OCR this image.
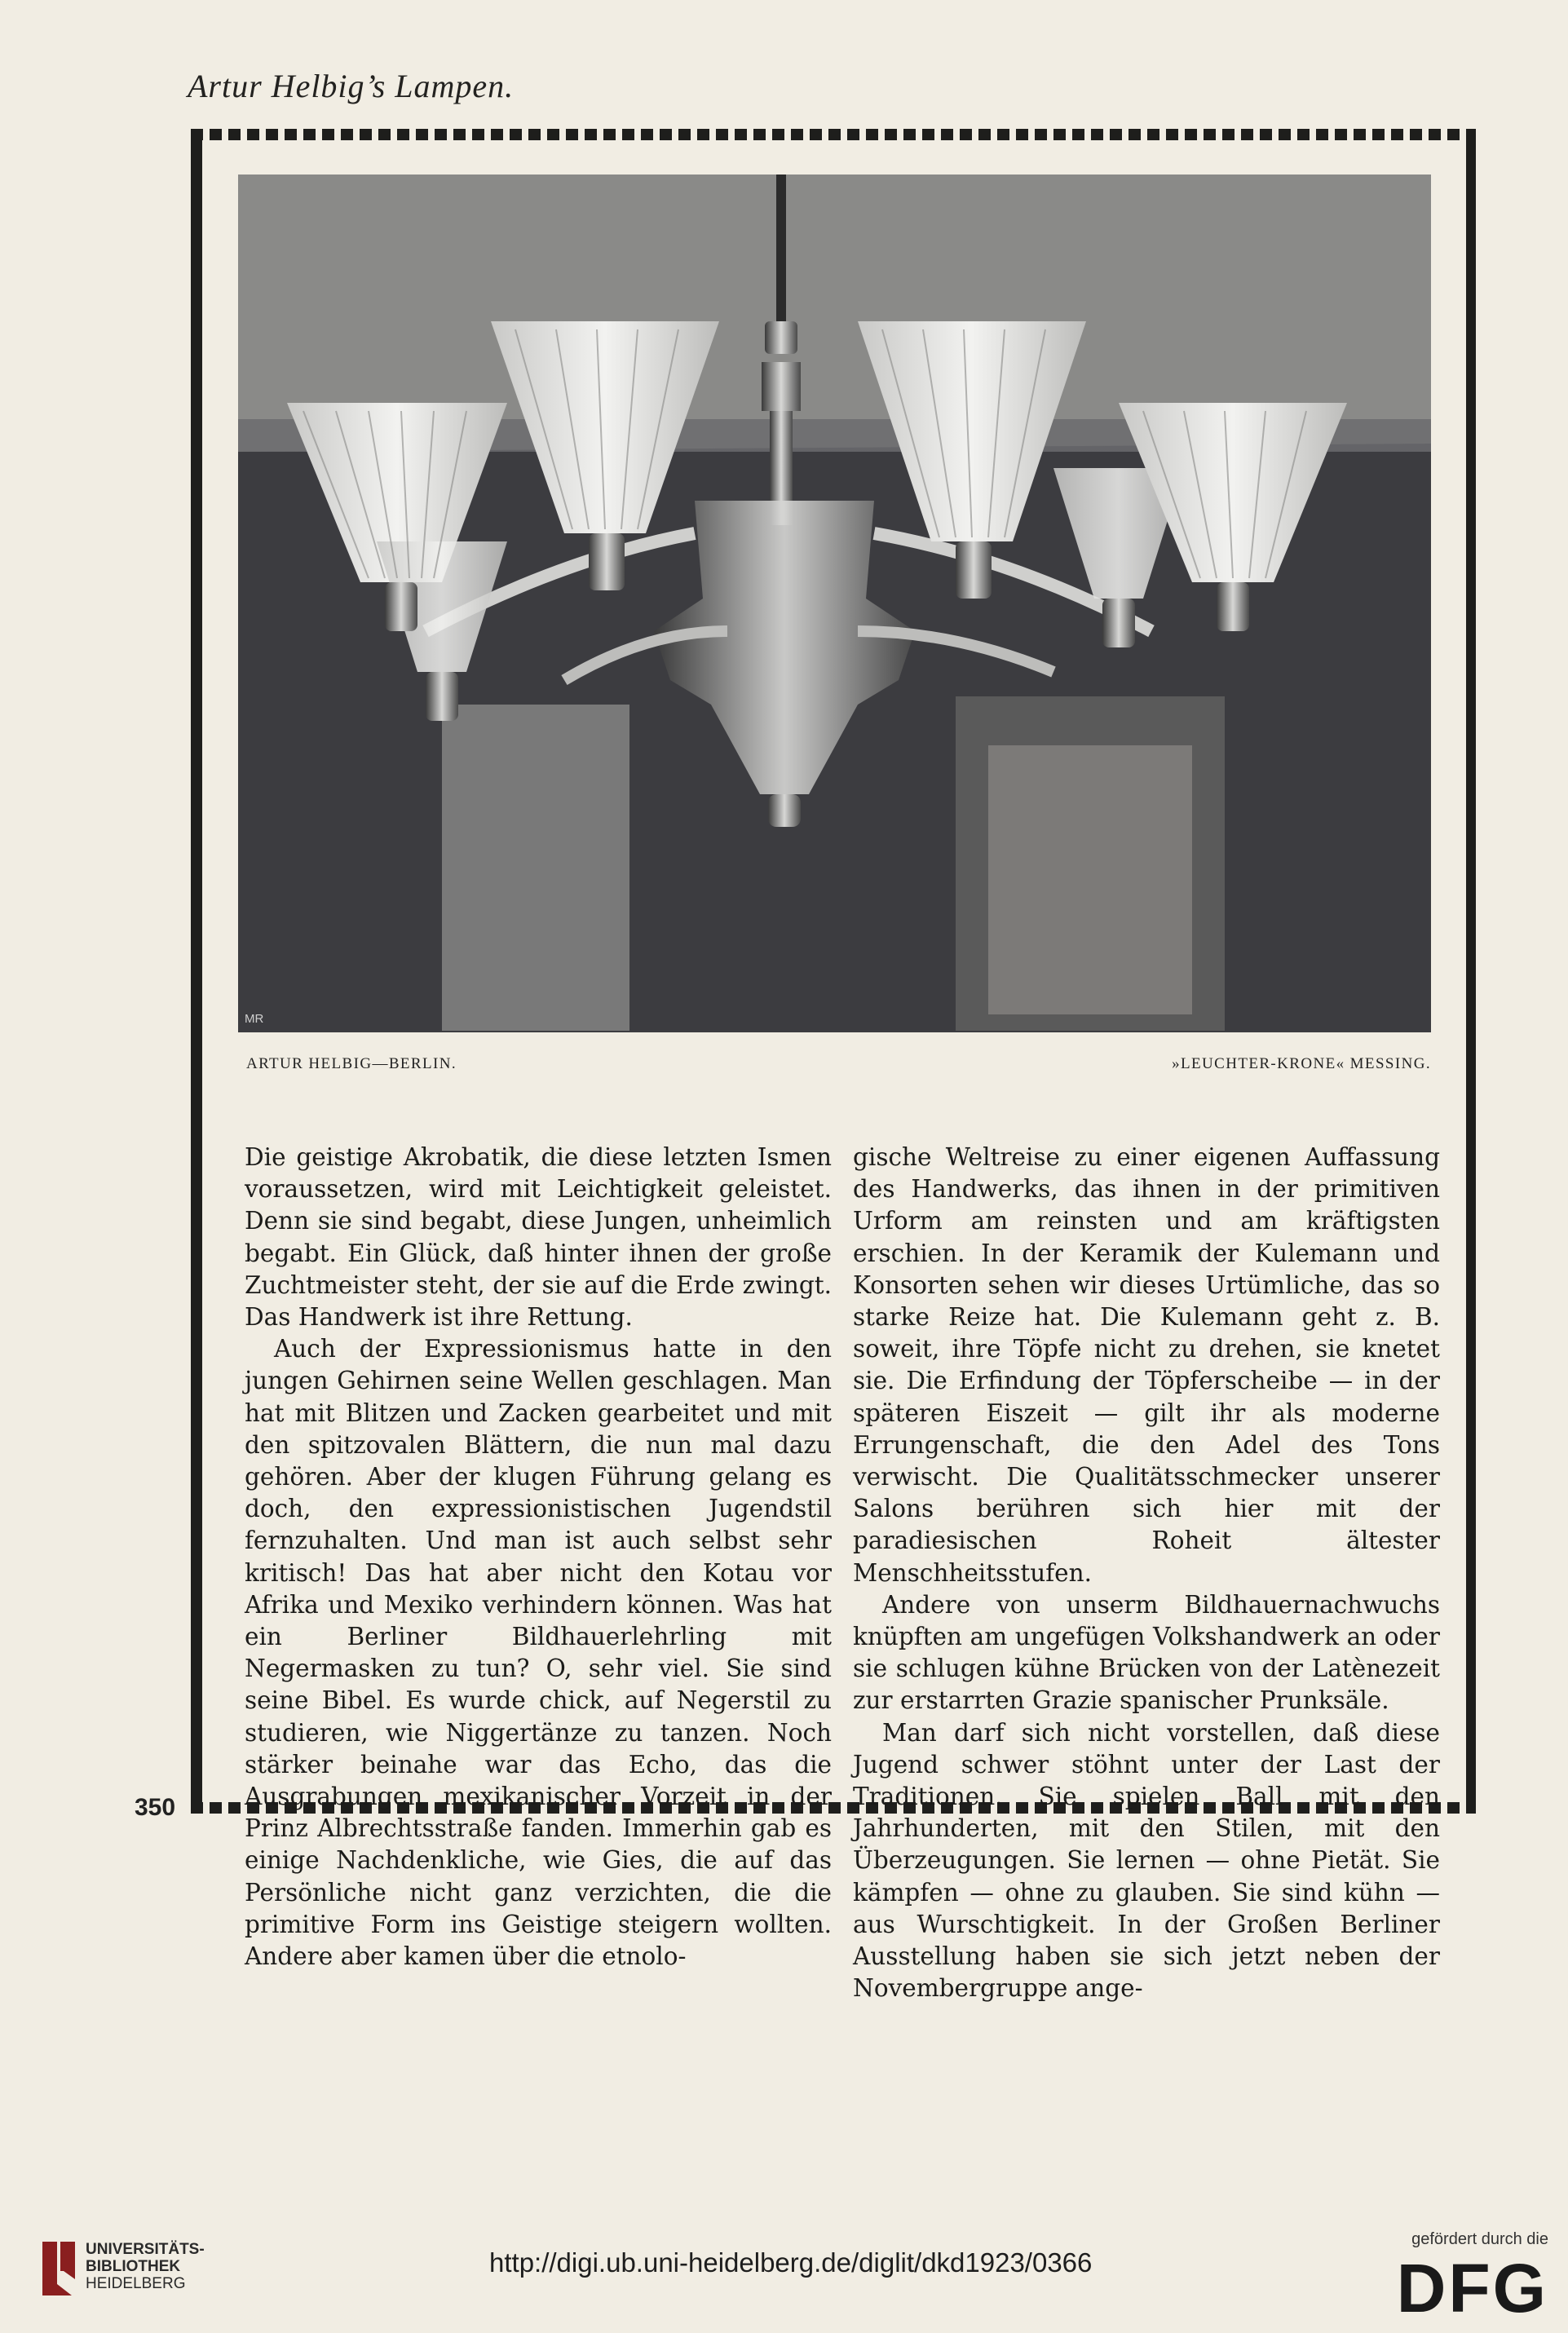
Artur Helbig’s Lampen.
MR

ARTUR HELBIG—BERLIN.	»LEUCHTER-KRONE« MESSING.

Die geistige Akrobatik, die diese letzten Ismen voraussetzen, wird mit Leichtigkeit geleistet. Denn sie sind begabt, diese Jungen, unheimlich begabt. Ein Glück, daß hinter ihnen der große Zuchtmeister steht, der sie auf die Erde zwingt. Das Handwerk ist ihre Rettung.

Auch der Expressionismus hatte in den jungen Gehirnen seine Wellen geschlagen. Man hat mit Blitzen und Zacken gearbeitet und mit den spitzovalen Blättern, die nun mal dazu gehören. Aber der klugen Führung gelang es doch, den expressionistischen Jugendstil fernzuhalten. Und man ist auch selbst sehr kritisch! Das hat aber nicht den Kotau vor Afrika und Mexiko verhindern können. Was hat ein Berliner Bildhauerlehrling mit Negermasken zu tun? O, sehr viel. Sie sind seine Bibel. Es wurde chick, auf Negerstil zu studieren, wie Niggertänze zu tanzen. Noch stärker beinahe war das Echo, das die Ausgrabungen mexikanischer Vorzeit in der Prinz Albrechtsstraße fanden. Immerhin gab es einige Nachdenkliche, wie Gies, die auf das Persönliche nicht ganz verzichten, die die primitive Form ins Geistige steigern wollten. Andere aber kamen über die etnolo-

gische Weltreise zu einer eigenen Auffassung des Handwerks, das ihnen in der primitiven Urform am reinsten und am kräftigsten erschien. In der Keramik der Kulemann und Konsorten sehen wir dieses Urtümliche, das so starke Reize hat. Die Kulemann geht z. B. soweit, ihre Töpfe nicht zu drehen, sie knetet sie. Die Erfindung der Töpferscheibe — in der späteren Eiszeit — gilt ihr als moderne Errungenschaft, die den Adel des Tons verwischt. Die Qualitätsschmecker unserer Salons berühren sich hier mit der paradiesischen Roheit ältester Menschheitsstufen.

Andere von unserm Bildhauernachwuchs knüpften am ungefügen Volkshandwerk an oder sie schlugen kühne Brücken von der Latènezeit zur erstarrten Grazie spanischer Prunksäle.

Man darf sich nicht vorstellen, daß diese Jugend schwer stöhnt unter der Last der Traditionen. Sie spielen Ball mit den Jahrhunderten, mit den Stilen, mit den Überzeugungen. Sie lernen — ohne Pietät. Sie kämpfen — ohne zu glauben. Sie sind kühn — aus Wurschtigkeit. In der Großen Berliner Ausstellung haben sie sich jetzt neben der Novembergruppe ange-

350
UNIVERSITÄTS-
BIBLIOTHEK
HEIDELBERG
http://digi.ub.uni-heidelberg.de/diglit/dkd1923/0366
gefördert durch die
DFG
